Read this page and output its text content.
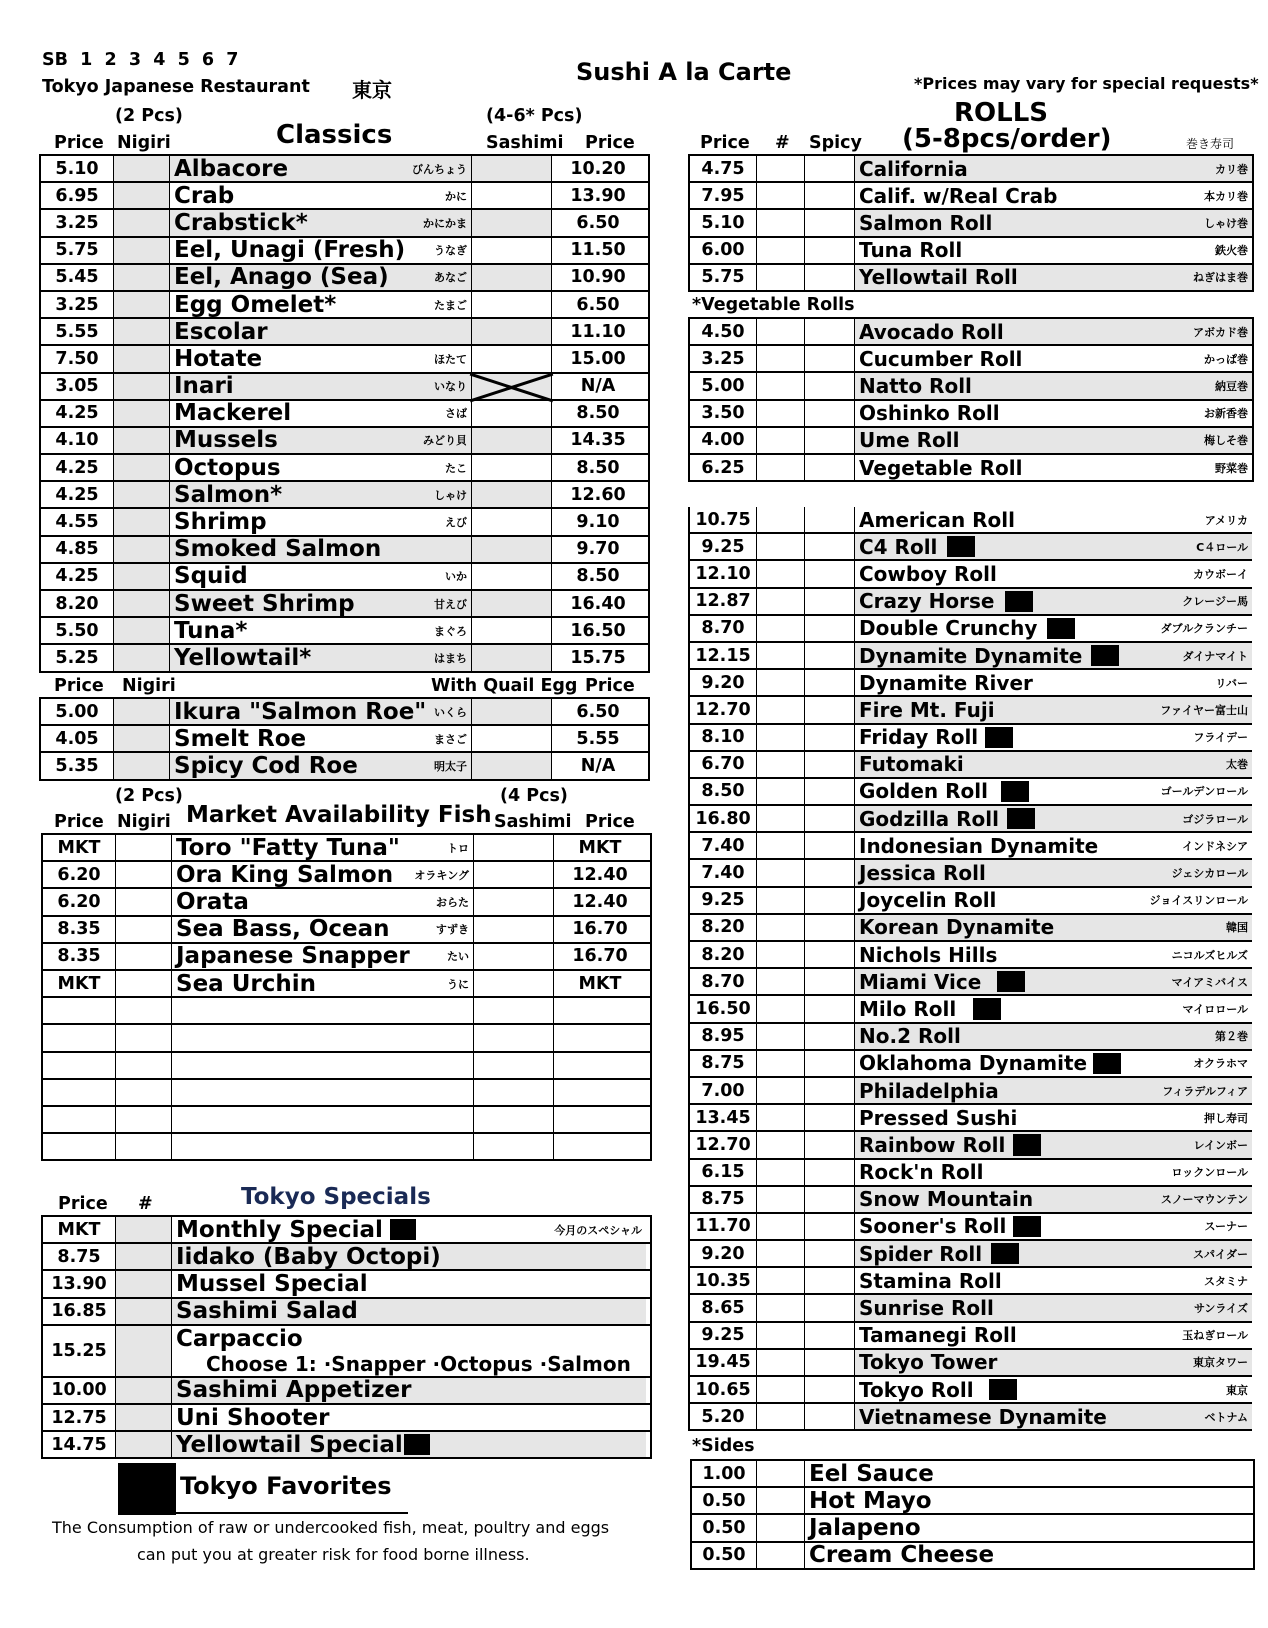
SB  1  2  3  4  5  6  7
Tokyo Japanese Restaurant 東京
Sushi A la Carte	*Prices may vary for special requests*
(2 Pcs)	(4-6* Pcs)
Price Nigiri	Classics	Sashimi Price
5.10	Albacore	びんちょう	10.20
6.95	Crab	かに	13.90
3.25	Crabstick*	かにかま	6.50
5.75	Eel, Unagi (Fresh)	うなぎ	11.50
5.45	Eel, Anago (Sea)	あなご	10.90
3.25	Egg Omelet*	たまご	6.50
5.55	Escolar	11.10
7.50	Hotate	ほたて	15.00
3.05	Inari	いなり	N/A
4.25	Mackerel	さば	8.50
4.10	Mussels	みどり貝	14.35
4.25	Octopus	たこ	8.50
4.25	Salmon*	しゃけ	12.60
4.55	Shrimp	えび	9.10
4.85	Smoked Salmon	9.70
4.25	Squid	いか	8.50
8.20	Sweet Shrimp	甘えび	16.40
5.50	Tuna*	まぐろ	16.50
5.25	Yellowtail*	はまち	15.75
Price Nigiri	With Quail Egg Price
5.00	Ikura "Salmon Roe" いくら	6.50
4.05	Smelt Roe	まさご	5.55
5.35	Spicy Cod Roe	明太子	N/A
(2 Pcs)	(4 Pcs)
Price Nigiri Market Availability Fish Sashimi Price
MKT	Toro "Fatty Tuna"	トロ	MKT
6.20	Ora King Salmon オラキング	12.40
6.20	Orata	おらた	12.40
8.35	Sea Bass, Ocean	すずき	16.70
8.35	Japanese Snapper	たい	16.70
MKT	Sea Urchin	うに	MKT
Price #	Tokyo Specials
MKT	Monthly Special	今月のスペシャル
8.75	Iidako (Baby Octopi)
13.90	Mussel Special
16.85	Sashimi Salad
15.25	Carpaccio
Choose 1: ·Snapper ·Octopus ·Salmon
10.00	Sashimi Appetizer
12.75	Uni Shooter
14.75	Yellowtail Special
Tokyo Favorites
The Consumption of raw or undercooked fish, meat, poultry and eggs
can put you at greater risk for food borne illness.
ROLLS
(5-8pcs/order)
Price # Spicy	巻き寿司
4.75	California	カリ巻
7.95	Calif. w/Real Crab	本カリ巻
5.10	Salmon Roll	しゃけ巻
6.00	Tuna Roll	鉄火巻
5.75	Yellowtail Roll	ねぎはま巻
*Vegetable Rolls
4.50	Avocado Roll	アボカド巻
3.25	Cucumber Roll	かっぱ巻
5.00	Natto Roll	納豆巻
3.50	Oshinko Roll	お新香巻
4.00	Ume Roll	梅しそ巻
6.25	Vegetable Roll	野菜巻
10.75	American Roll	アメリカ
9.25	C4 Roll	C４ロール
12.10	Cowboy Roll	カウボーイ
12.87	Crazy Horse	クレージー馬
8.70	Double Crunchy	ダブルクランチー
12.15	Dynamite Dynamite	ダイナマイト
9.20	Dynamite River	リバー
12.70	Fire Mt. Fuji	ファイヤー富士山
8.10	Friday Roll	フライデー
6.70	Futomaki	太巻
8.50	Golden Roll	ゴールデンロール
16.80	Godzilla Roll	ゴジラロール
7.40	Indonesian Dynamite	インドネシア
7.40	Jessica Roll	ジェシカロール
9.25	Joycelin Roll	ジョイスリンロール
8.20	Korean Dynamite	韓国
8.20	Nichols Hills	ニコルズヒルズ
8.70	Miami Vice	マイアミバイス
16.50	Milo Roll	マイロロール
8.95	No.2 Roll	第２巻
8.75	Oklahoma Dynamite	オクラホマ
7.00	Philadelphia	フィラデルフィア
13.45	Pressed Sushi	押し寿司
12.70	Rainbow Roll	レインボー
6.15	Rock'n Roll	ロックンロール
8.75	Snow Mountain	スノーマウンテン
11.70	Sooner's Roll	スーナー
9.20	Spider Roll	スパイダー
10.35	Stamina Roll	スタミナ
8.65	Sunrise Roll	サンライズ
9.25	Tamanegi Roll	玉ねぎロール
19.45	Tokyo Tower	東京タワー
10.65	Tokyo Roll	東京
5.20	Vietnamese Dynamite	ベトナム
*Sides
1.00	Eel Sauce
0.50	Hot Mayo
0.50	Jalapeno
0.50	Cream Cheese
